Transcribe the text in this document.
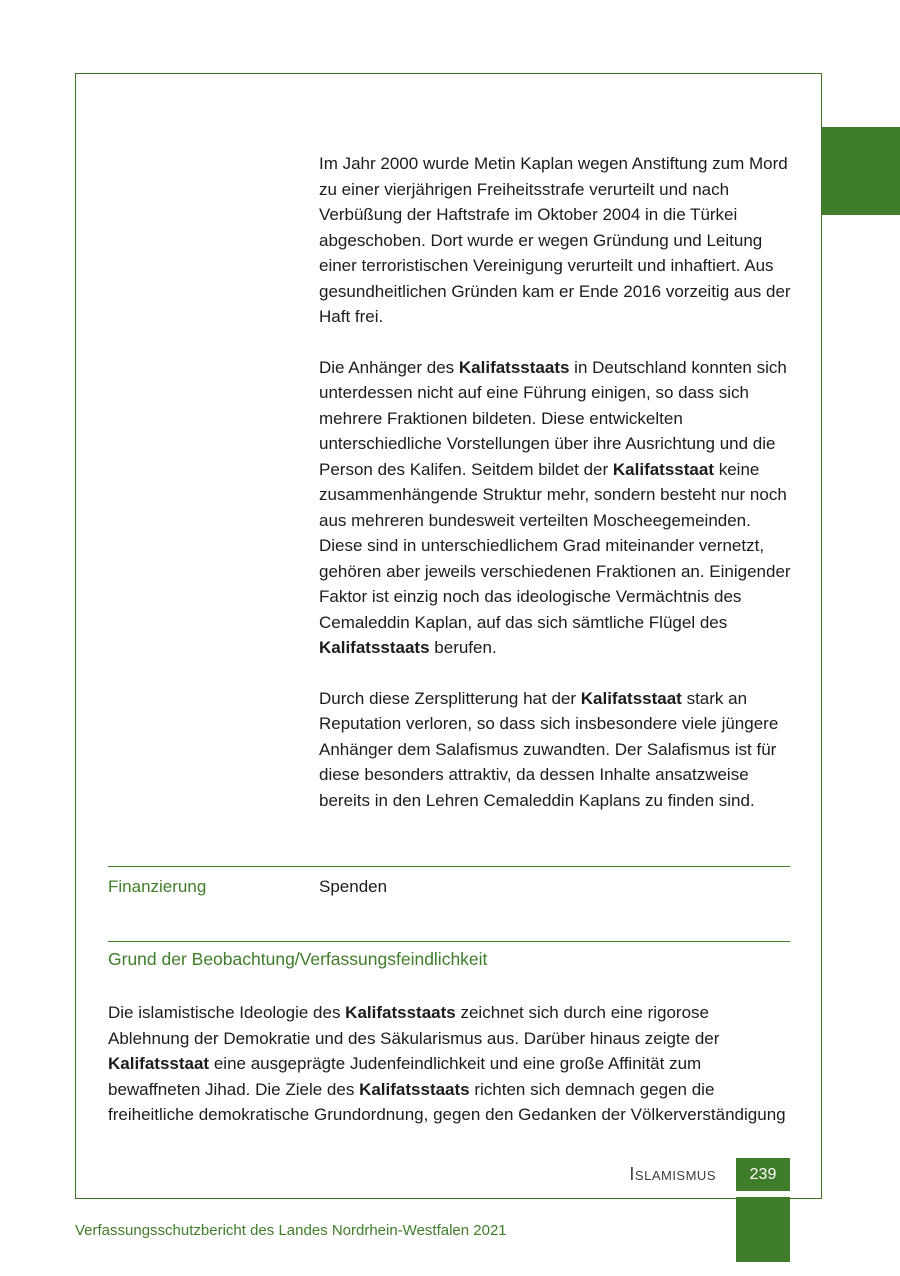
Im Jahr 2000 wurde Metin Kaplan wegen Anstiftung zum Mord zu einer vierjährigen Freiheitsstrafe verurteilt und nach Verbüßung der Haftstrafe im Oktober 2004 in die Türkei abgeschoben. Dort wurde er wegen Gründung und Leitung einer terroristischen Vereinigung verurteilt und inhaftiert. Aus gesundheitlichen Gründen kam er Ende 2016 vorzeitig aus der Haft frei.

Die Anhänger des Kalifatsstaats in Deutschland konnten sich unterdessen nicht auf eine Führung einigen, so dass sich mehrere Fraktionen bildeten. Diese entwickelten unterschiedliche Vorstellungen über ihre Ausrichtung und die Person des Kalifen. Seitdem bildet der Kalifatsstaat keine zusammenhängende Struktur mehr, sondern besteht nur noch aus mehreren bundesweit verteilten Moscheegemeinden. Diese sind in unterschiedlichem Grad miteinander vernetzt, gehören aber jeweils verschiedenen Fraktionen an. Einigender Faktor ist einzig noch das ideologische Vermächtnis des Cemaleddin Kaplan, auf das sich sämtliche Flügel des Kalifatsstaats berufen.

Durch diese Zersplitterung hat der Kalifatsstaat stark an Reputation verloren, so dass sich insbesondere viele jüngere Anhänger dem Salafismus zuwandten. Der Salafismus ist für diese besonders attraktiv, da dessen Inhalte ansatzweise bereits in den Lehren Cemaleddin Kaplans zu finden sind.

Finanzierung	Spenden
Grund der Beobachtung/Verfassungsfeindlichkeit

Die islamistische Ideologie des Kalifatsstaats zeichnet sich durch eine rigorose Ablehnung der Demokratie und des Säkularismus aus. Darüber hinaus zeigte der Kalifatsstaat eine ausgeprägte Judenfeindlichkeit und eine große Affinität zum bewaffneten Jihad. Die Ziele des Kalifatsstaats richten sich demnach gegen die freiheitliche demokratische Grundordnung, gegen den Gedanken der Völkerverständigung

Islamismus 239
Verfassungsschutzbericht des Landes Nordrhein-Westfalen 2021
